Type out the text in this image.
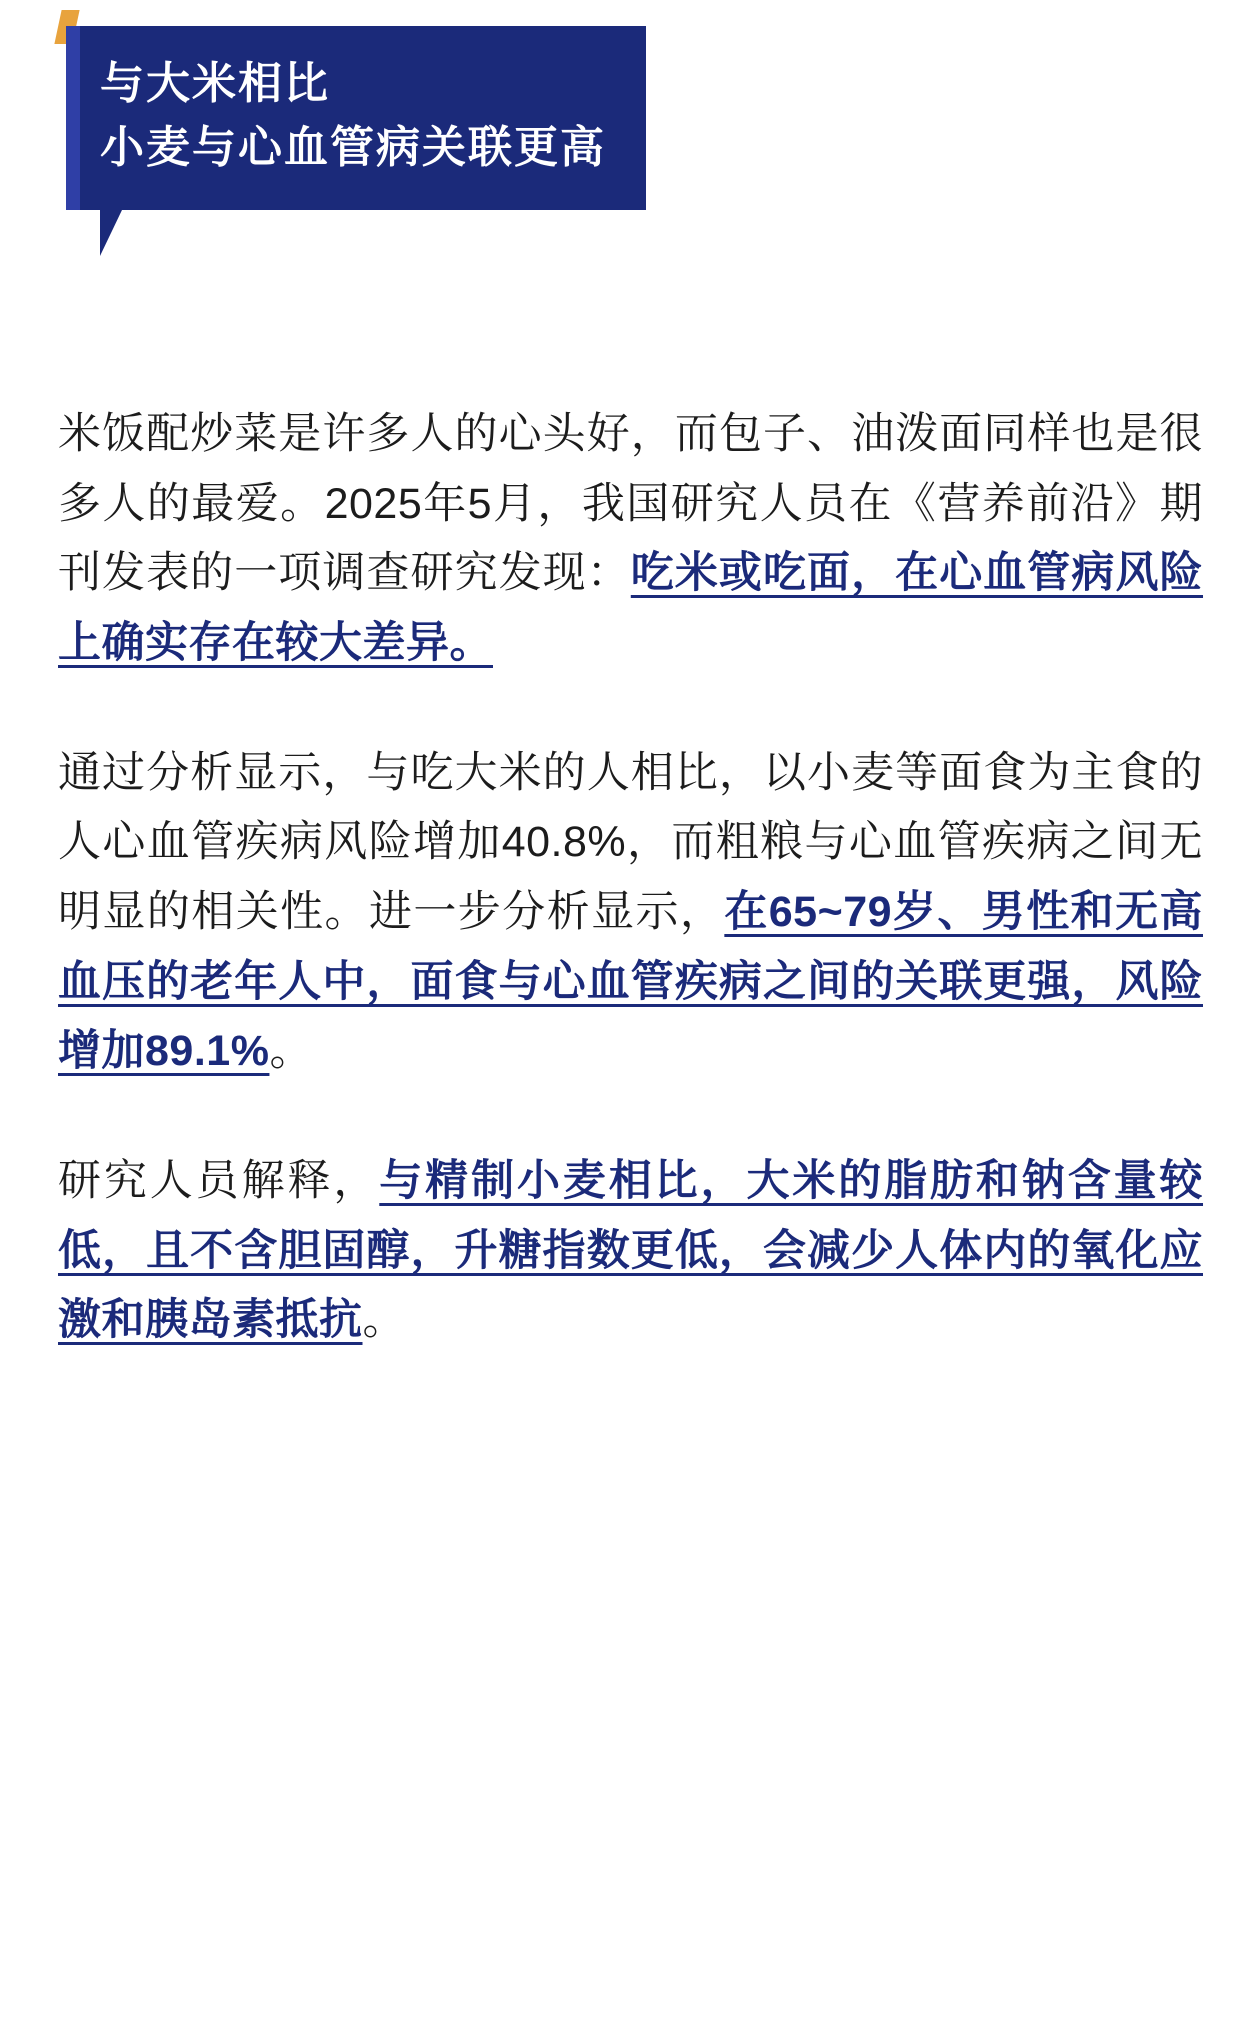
与大米相比
小麦与心血管病关联更高

米饭配炒菜是许多人的心头好，而包子、油泼面同样也是很多人的最爱。2025年5月，我国研究人员在《营养前沿》期刊发表的一项调查研究发现：吃米或吃面，在心血管病风险上确实存在较大差异。

通过分析显示，与吃大米的人相比，以小麦等面食为主食的人心血管疾病风险增加40.8%，而粗粮与心血管疾病之间无明显的相关性。进一步分析显示，在65~79岁、男性和无高血压的老年人中，面食与心血管疾病之间的关联更强，风险增加89.1%。

研究人员解释，与精制小麦相比，大米的脂肪和钠含量较低，且不含胆固醇，升糖指数更低，会减少人体内的氧化应激和胰岛素抵抗。
